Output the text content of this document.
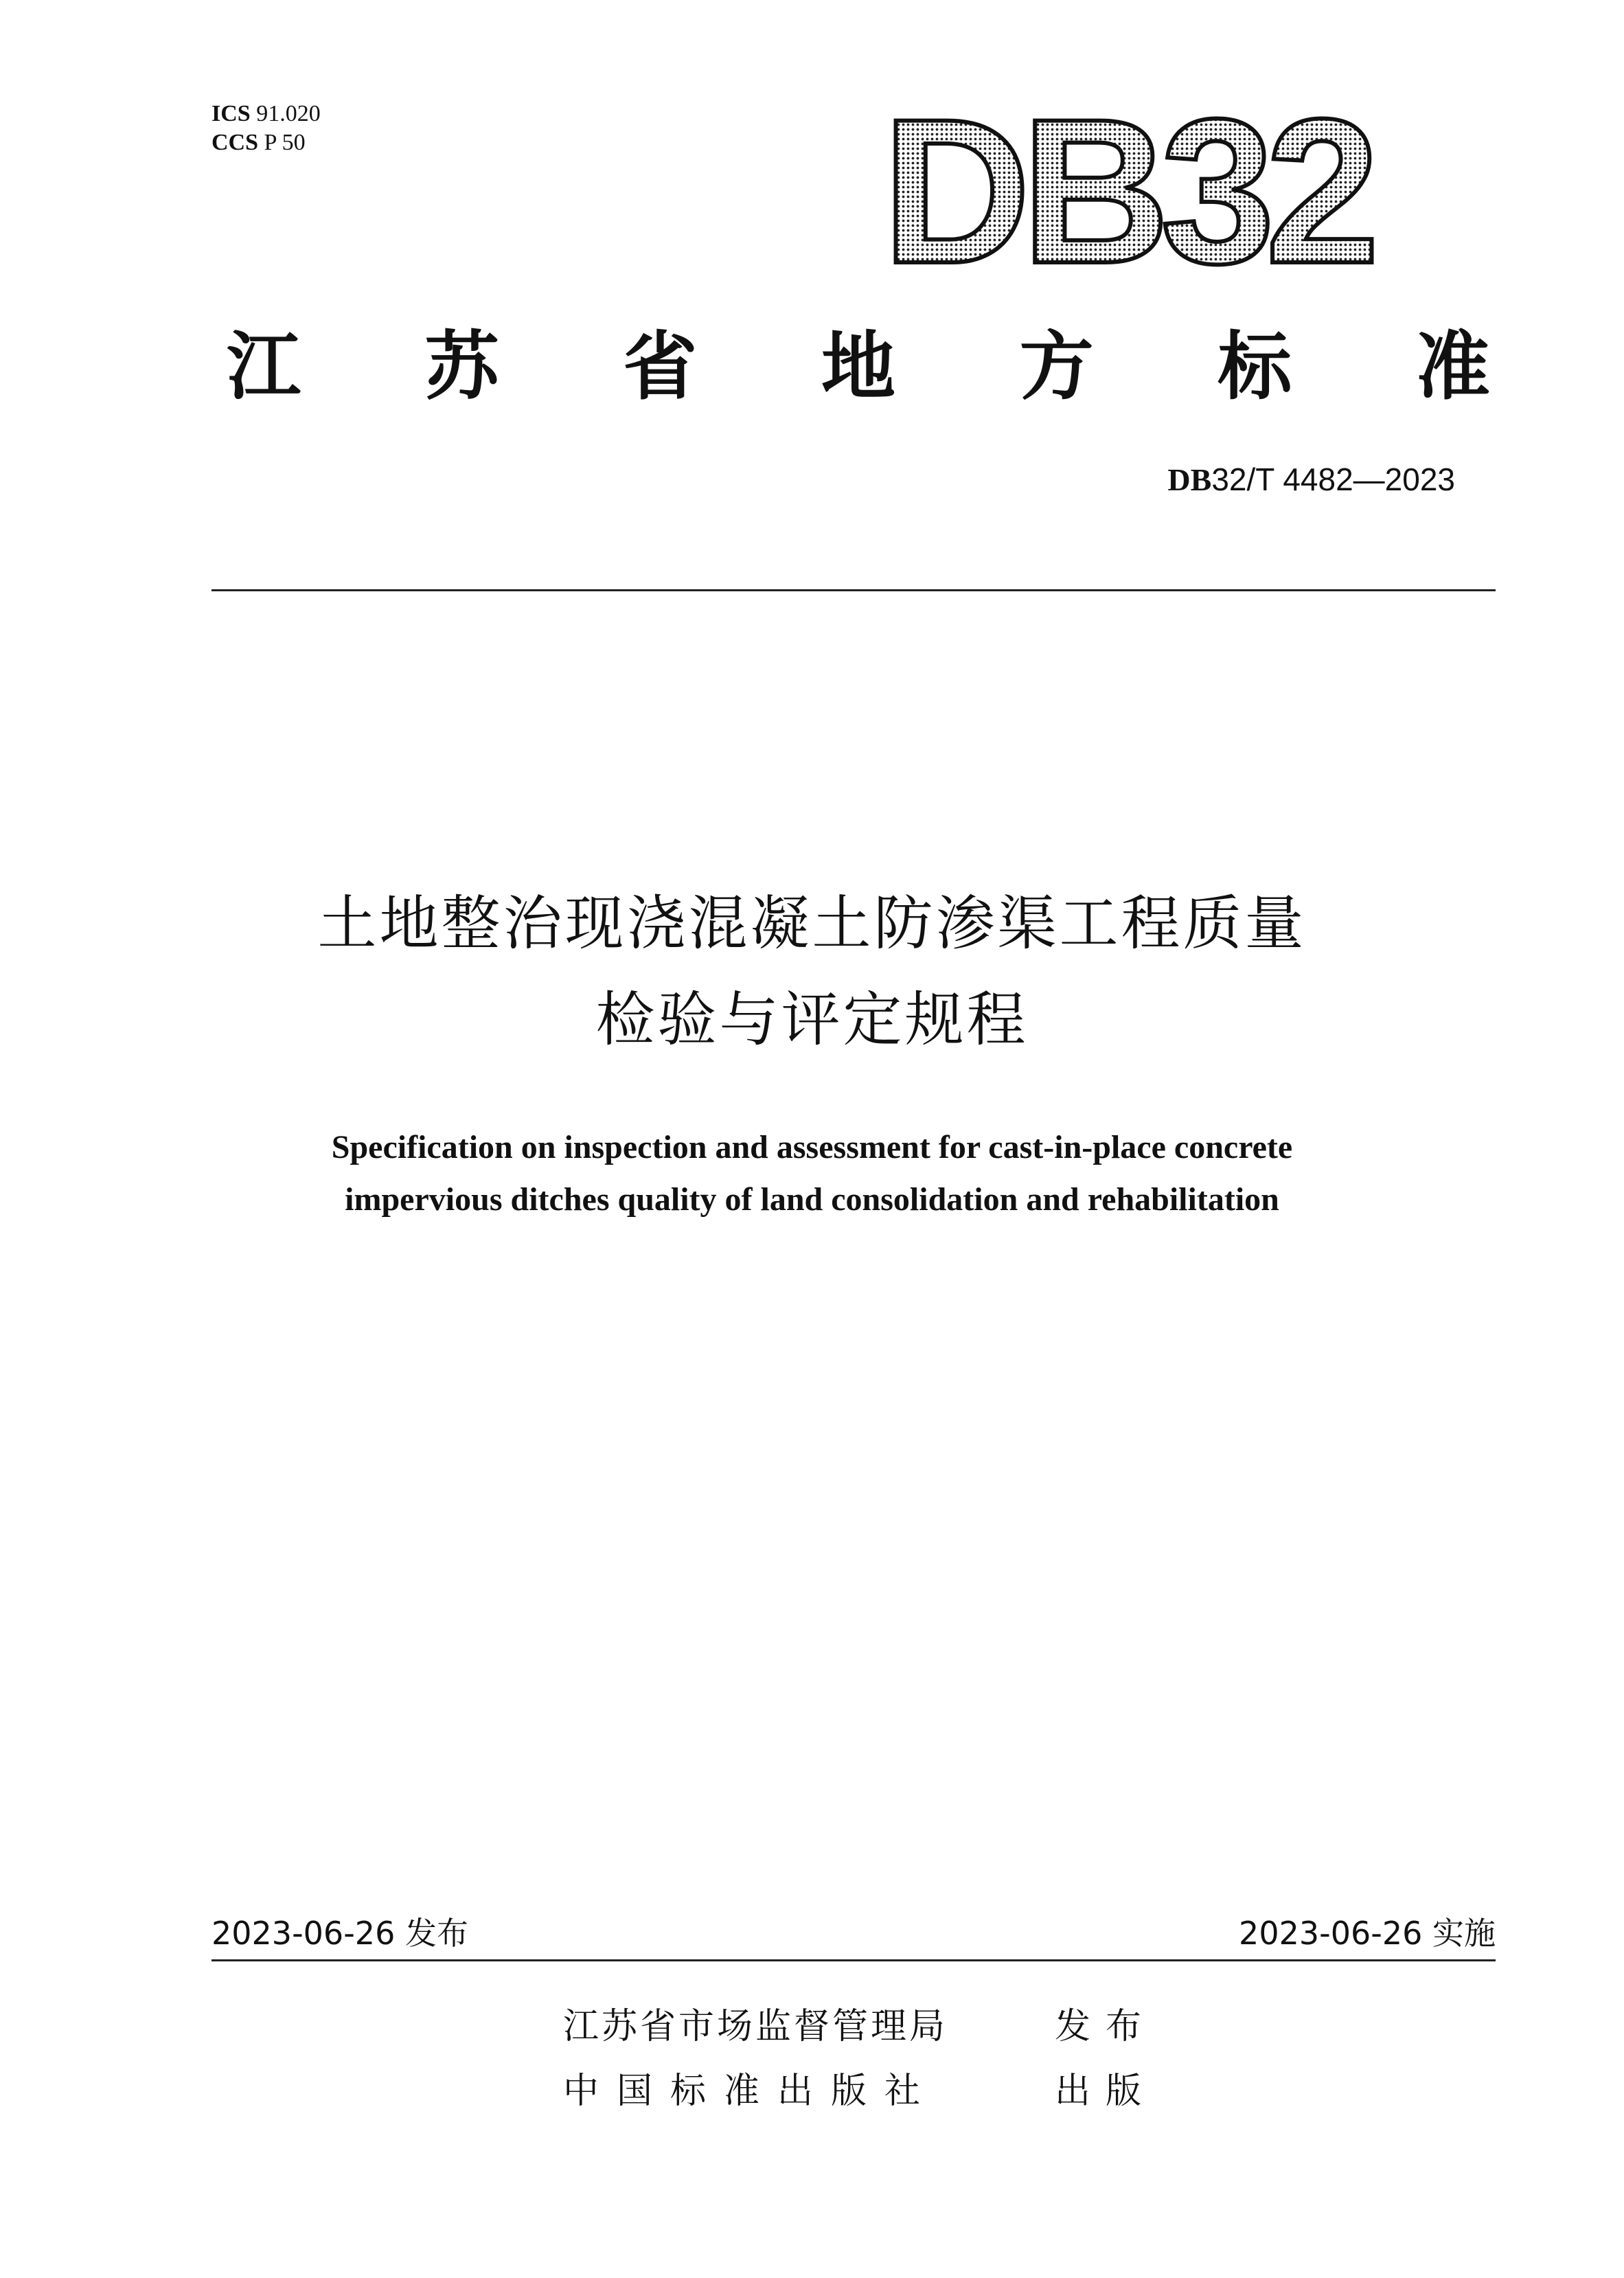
ICS 91.020
CCS P 50	DB32
江 苏 省 地 方 标 准
DB32/T 4482—2023
土地整治现浇混凝土防渗渠工程质量
检验与评定规程
Specification on inspection and assessment for cast-in-place concrete
impervious ditches quality of land consolidation and rehabilitation
2023-06-26 发布	2023-06-26 实施
江苏省市场监督管理局	发布
中国标准出版社	出版
